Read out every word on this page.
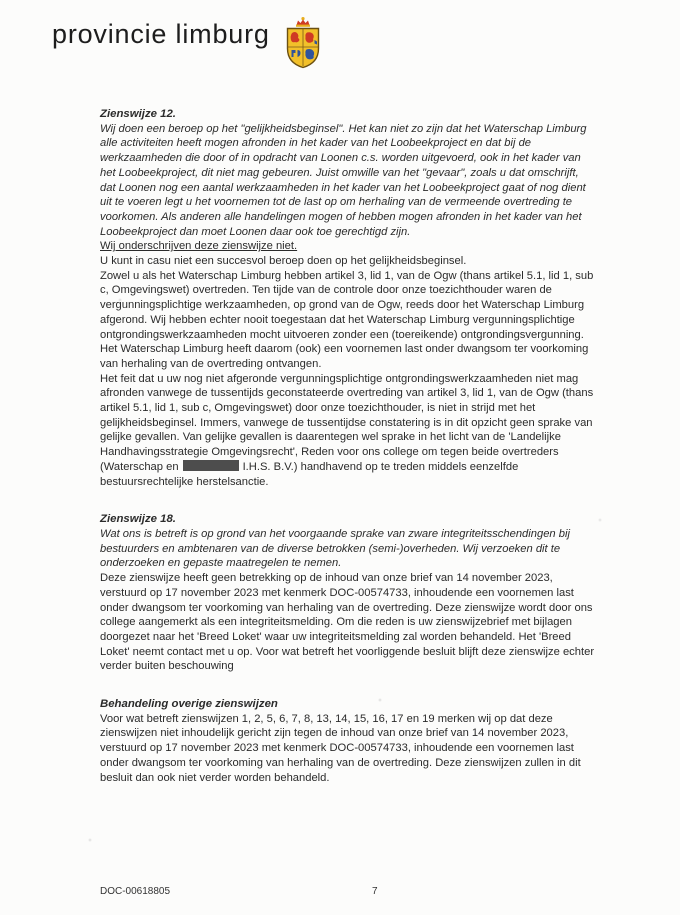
provincie limburg

Zienswijze 12.

Wij doen een beroep op het "gelijkheidsbeginsel". Het kan niet zo zijn dat het Waterschap Limburg alle activiteiten heeft mogen afronden in het kader van het Loobeekproject en dat bij de werkzaamheden die door of in opdracht van Loonen c.s. worden uitgevoerd, ook in het kader van het Loobeekproject, dit niet mag gebeuren. Juist omwille van het "gevaar", zoals u dat omschrijft, dat Loonen nog een aantal werkzaamheden in het kader van het Loobeekproject gaat of nog dient uit te voeren legt u het voornemen tot de last op om herhaling van de vermeende overtreding te voorkomen. Als anderen alle handelingen mogen of hebben mogen afronden in het kader van het Loobeekproject dan moet Loonen daar ook toe gerechtigd zijn.

Wij onderschrijven deze zienswijze niet.

U kunt in casu niet een succesvol beroep doen op het gelijkheidsbeginsel.

Zowel u als het Waterschap Limburg hebben artikel 3, lid 1, van de Ogw (thans artikel 5.1, lid 1, sub c, Omgevingswet) overtreden. Ten tijde van de controle door onze toezichthouder waren de vergunningsplichtige werkzaamheden, op grond van de Ogw, reeds door het Waterschap Limburg afgerond. Wij hebben echter nooit toegestaan dat het Waterschap Limburg vergunningsplichtige ontgrondingswerkzaamheden mocht uitvoeren zonder een (toereikende) ontgrondingsvergunning. Het Waterschap Limburg heeft daarom (ook) een voornemen last onder dwangsom ter voorkoming van herhaling van de overtreding ontvangen.

Het feit dat u uw nog niet afgeronde vergunningsplichtige ontgrondingswerkzaamheden niet mag afronden vanwege de tussentijds geconstateerde overtreding van artikel 3, lid 1, van de Ogw (thans artikel 5.1, lid 1, sub c, Omgevingswet) door onze toezichthouder, is niet in strijd met het gelijkheidsbeginsel. Immers, vanwege de tussentijdse constatering is in dit opzicht geen sprake van gelijke gevallen. Van gelijke gevallen is daarentegen wel sprake in het licht van de 'Landelijke Handhavingsstrategie Omgevingsrecht', Reden voor ons college om tegen beide overtreders (Waterschap en	I.H.S. B.V.) handhavend op te treden middels eenzelfde bestuursrechtelijke herstelsanctie.

Zienswijze 18.

Wat ons is betreft is op grond van het voorgaande sprake van zware integriteitsschendingen bij bestuurders en ambtenaren van de diverse betrokken (semi-)overheden. Wij verzoeken dit te onderzoeken en gepaste maatregelen te nemen.

Deze zienswijze heeft geen betrekking op de inhoud van onze brief van 14 november 2023, verstuurd op 17 november 2023 met kenmerk DOC-00574733, inhoudende een voornemen last onder dwangsom ter voorkoming van herhaling van de overtreding. Deze zienswijze wordt door ons college aangemerkt als een integriteitsmelding. Om die reden is uw zienswijzebrief met bijlagen doorgezet naar het 'Breed Loket' waar uw integriteitsmelding zal worden behandeld. Het 'Breed Loket' neemt contact met u op. Voor wat betreft het voorliggende besluit blijft deze zienswijze echter verder buiten beschouwing

Behandeling overige zienswijzen

Voor wat betreft zienswijzen 1, 2, 5, 6, 7, 8, 13, 14, 15, 16, 17 en 19 merken wij op dat deze zienswijzen niet inhoudelijk gericht zijn tegen de inhoud van onze brief van 14 november 2023, verstuurd op 17 november 2023 met kenmerk DOC-00574733, inhoudende een voornemen last onder dwangsom ter voorkoming van herhaling van de overtreding. Deze zienswijzen zullen in dit besluit dan ook niet verder worden behandeld.

DOC-00618805	7
